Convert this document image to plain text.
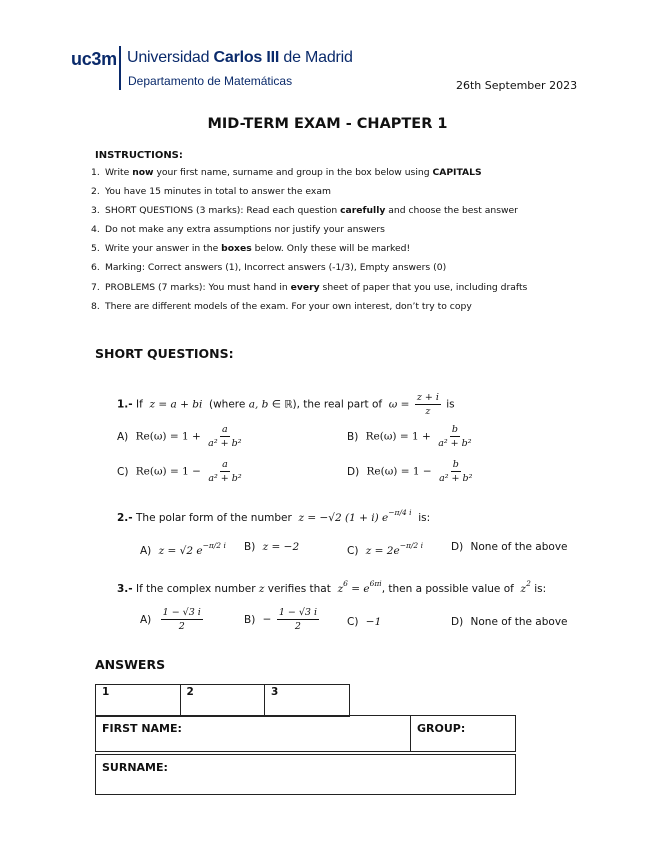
uc3m Universidad Carlos III de Madrid
Departamento de Matemáticas	26th September 2023
MID-TERM EXAM - CHAPTER 1
INSTRUCTIONS:
1. Write now your first name, surname and group in the box below using CAPITALS
2. You have 15 minutes in total to answer the exam
3. SHORT QUESTIONS (3 marks): Read each question carefully and choose the best answer
4. Do not make any extra assumptions nor justify your answers
5. Write your answer in the boxes below. Only these will be marked!
6. Marking: Correct answers (1), Incorrect answers (-1/3), Empty answers (0)
7. PROBLEMS (7 marks): You must hand in every sheet of paper that you use, including drafts
8. There are different models of the exam. For your own interest, don’t try to copy
SHORT QUESTIONS:
1.- If z = a + bi (where a, b ∈ ℝ), the real part of $\omega = \frac{z + i}{z}$ is
A) $Re(\omega) = 1 + \frac{a}{\text{a² + b²}}$	B) $Re(\omega) = 1 + \frac{b}{\text{a² + b²}}$
C) $Re(\omega) = 1 - \frac{a}{\text{a² + b²}}$	D) $Re(\omega) = 1 - \frac{b}{\text{a² + b²}}$
2.- The polar form of the number z = −√2 (1 + i) $e^{-\pi/4 i}$ is:
A) z = √2 $e^{-\pi/2 i}$ B) z = −2	C) $z = 2e^{-\pi/2 i}$	D) None of the above
3.- If the complex number z verifies that $z^6 = e^{6\pi i}$, then a possible value of $z^2$ is:
$A) \frac{1 - √3 i}{2}$	$B) - \frac{1 - √3 i}{2}$	C) −1	D) None of the above
ANSWERS
1	2	3
FIRST NAME:	GROUP:
SURNAME:
